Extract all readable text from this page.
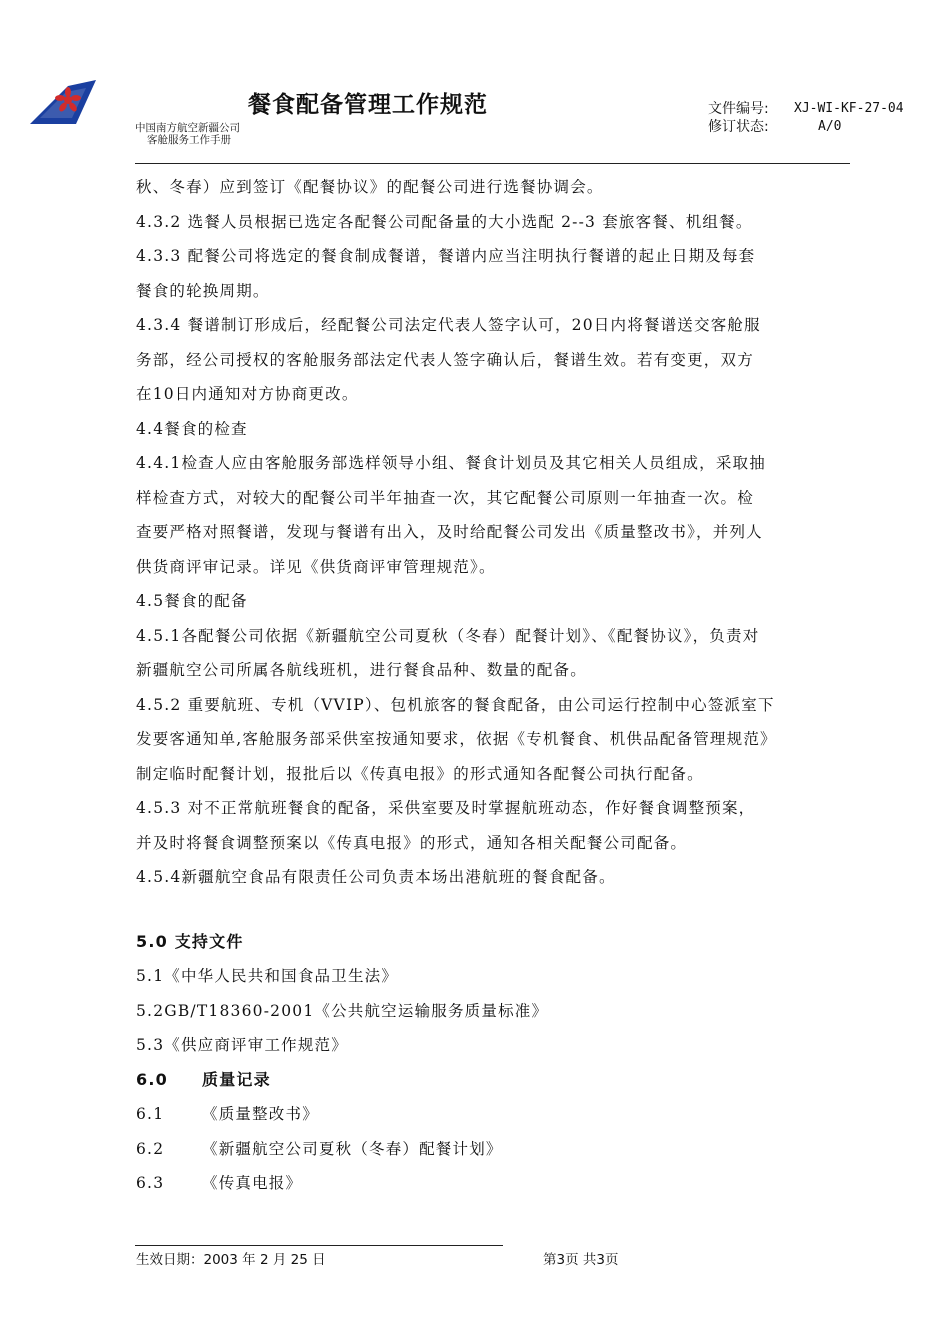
餐食配备管理工作规范
中国南方航空新疆公司
客舱服务工作手册
文件编号:	XJ-WI-KF-27-04
修订状态:	A/0

秋、冬春）应到签订《配餐协议》的配餐公司进行选餐协调会。

4.3.2 选餐人员根据已选定各配餐公司配备量的大小选配 2--3 套旅客餐、机组餐。

4.3.3 配餐公司将选定的餐食制成餐谱，餐谱内应当注明执行餐谱的起止日期及每套

餐食的轮换周期。

4.3.4 餐谱制订形成后，经配餐公司法定代表人签字认可，20日内将餐谱送交客舱服

务部，经公司授权的客舱服务部法定代表人签字确认后，餐谱生效。若有变更，双方

在10日内通知对方协商更改。

4.4餐食的检查

4.4.1检查人应由客舱服务部选样领导小组、餐食计划员及其它相关人员组成，采取抽

样检查方式，对较大的配餐公司半年抽查一次，其它配餐公司原则一年抽查一次。检

查要严格对照餐谱，发现与餐谱有出入，及时给配餐公司发出《质量整改书》，并列人

供货商评审记录。详见《供货商评审管理规范》。

4.5餐食的配备

4.5.1各配餐公司依据《新疆航空公司夏秋（冬春）配餐计划》、《配餐协议》，负责对

新疆航空公司所属各航线班机，进行餐食品种、数量的配备。

4.5.2 重要航班、专机（VVIP）、包机旅客的餐食配备，由公司运行控制中心签派室下

发要客通知单,客舱服务部采供室按通知要求，依据《专机餐食、机供品配备管理规范》

制定临时配餐计划，报批后以《传真电报》的形式通知各配餐公司执行配备。

4.5.3 对不正常航班餐食的配备，采供室要及时掌握航班动态，作好餐食调整预案，

并及时将餐食调整预案以《传真电报》的形式，通知各相关配餐公司配备。

4.5.4新疆航空食品有限责任公司负责本场出港航班的餐食配备。

5.0 支持文件

5.1《中华人民共和国食品卫生法》

5.2GB/T18360-2001《公共航空运输服务质量标准》

5.3《供应商评审工作规范》

6.0 质量记录

6.1 《质量整改书》

6.2 《新疆航空公司夏秋（冬春）配餐计划》

6.3 《传真电报》

生效日期：2003 年 2 月 25 日	第3页 共3页
